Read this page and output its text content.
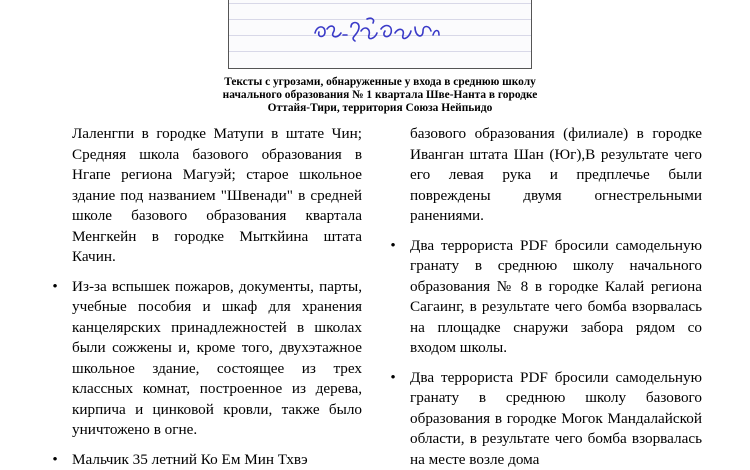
Тексты с угрозами, обнаруженные у входа в среднюю школу
начального образования № 1 квартала Шве-Нанта в городке
Оттайя-Тири, территория Союза Нейпьидо
Лаленгпи в городке Матупи в штате Чин; Средняя школа базового образования в Нгапе региона Магуэй; старое школьное здание под названием "Швенади" в средней школе базового образования квартала Менгкейн в городке Мыткйина штата Качин.
• Из-за вспышек пожаров, документы, парты, учебные пособия и шкаф для хранения канцелярских принадлежностей в школах были сожжены и, кроме того, двухэтажное школьное здание, состоящее из трех классных комнат, построенное из дерева, кирпича и цинковой кровли, также было уничтожено в огне.
• Мальчик 35 летний Ко Ем Мин Тхвэ
базового образования (филиале) в городке Иванган штата Шан (Юг),В результате чего его левая рука и предплечье были повреждены двумя огнестрельными ранениями.
• Два террориста PDF бросили самодельную гранату в среднюю школу начального образования № 8 в городке Калай региона Сагаинг, в результате чего бомба взорвалась на площадке снаружи забора рядом со входом школы.
• Два террориста PDF бросили самодельную гранату в среднюю школу базового образования в городке Могок Мандалайской области, в результате чего бомба взорвалась на месте возле дома
